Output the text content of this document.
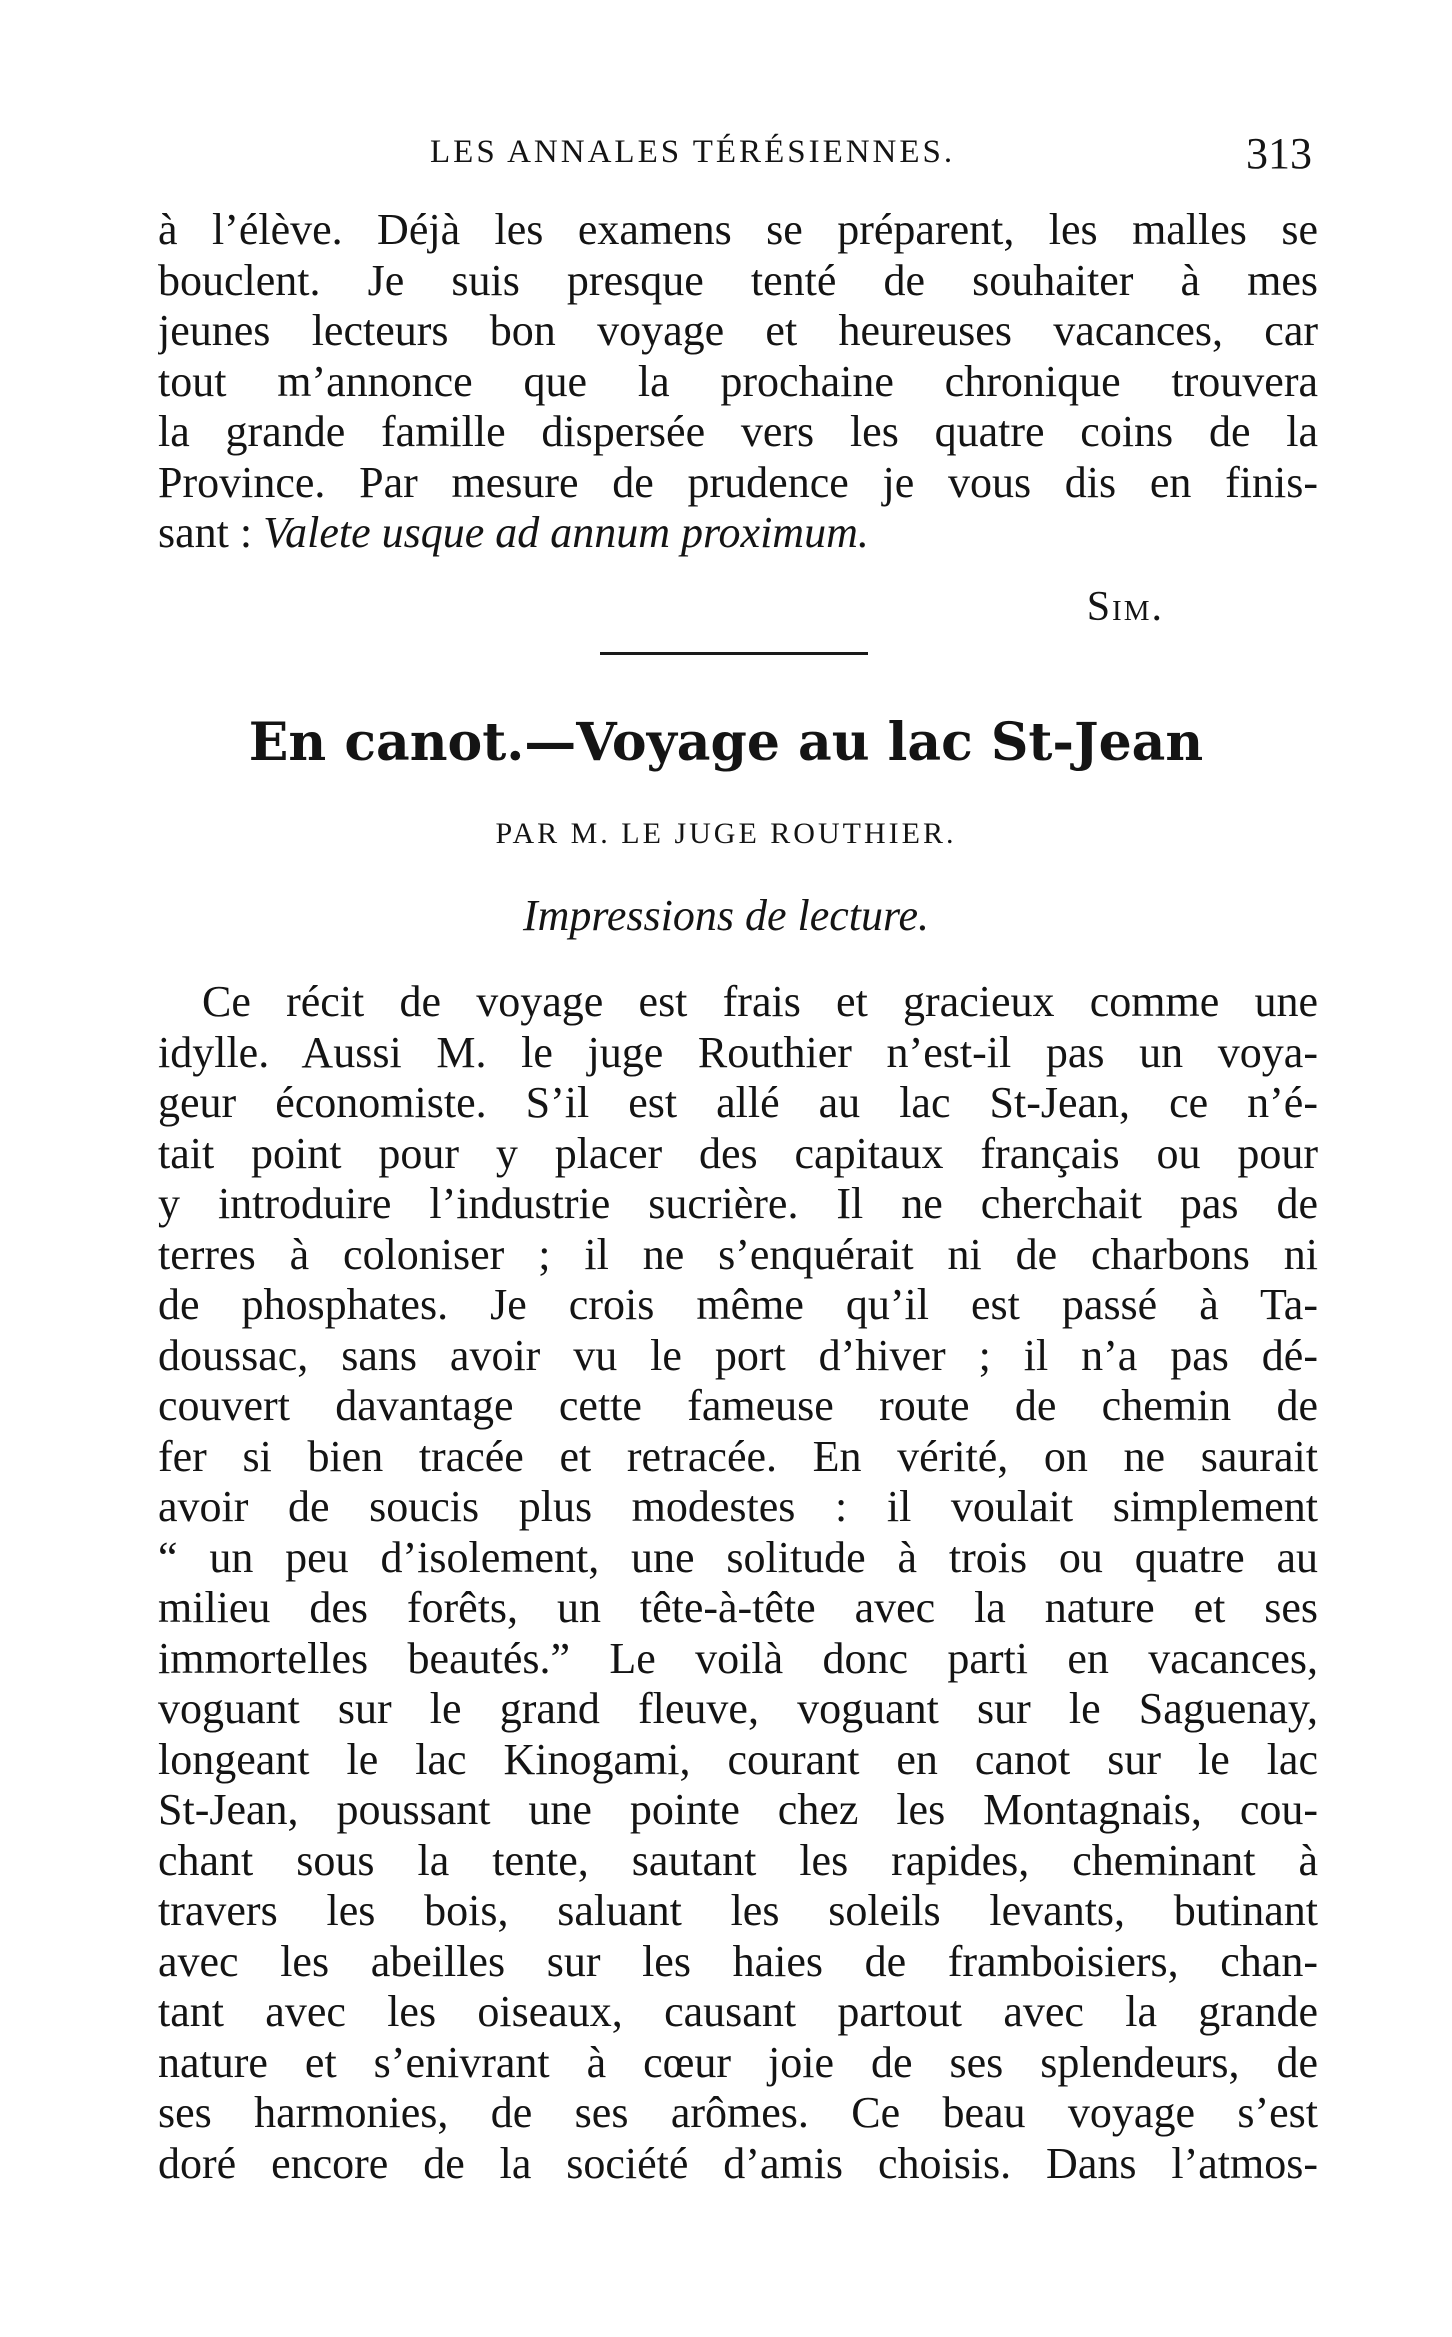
LES ANNALES TÉRÉSIENNES.	313
à l’élève. Déjà les examens se préparent, les malles se
bouclent. Je suis presque tenté de souhaiter à mes
jeunes lecteurs bon voyage et heureuses vacances, car
tout m’annonce que la prochaine chronique trouvera
la grande famille dispersée vers les quatre coins de la
Province. Par mesure de prudence je vous dis en finis-
sant : Valete usque ad annum proximum.
Sim.
En canot.—Voyage au lac St-Jean
PAR M. LE JUGE ROUTHIER.
Impressions de lecture.
Ce récit de voyage est frais et gracieux comme une
idylle. Aussi M. le juge Routhier n’est-il pas un voya-
geur économiste. S’il est allé au lac St-Jean, ce n’é-
tait point pour y placer des capitaux français ou pour
y introduire l’industrie sucrière. Il ne cherchait pas de
terres à coloniser ; il ne s’enquérait ni de charbons ni
de phosphates. Je crois même qu’il est passé à Ta-
doussac, sans avoir vu le port d’hiver ; il n’a pas dé-
couvert davantage cette fameuse route de chemin de
fer si bien tracée et retracée. En vérité, on ne saurait
avoir de soucis plus modestes : il voulait simplement
“ un peu d’isolement, une solitude à trois ou quatre au
milieu des forêts, un tête-à-tête avec la nature et ses
immortelles beautés.” Le voilà donc parti en vacances,
voguant sur le grand fleuve, voguant sur le Saguenay,
longeant le lac Kinogami, courant en canot sur le lac
St-Jean, poussant une pointe chez les Montagnais, cou-
chant sous la tente, sautant les rapides, cheminant à
travers les bois, saluant les soleils levants, butinant
avec les abeilles sur les haies de framboisiers, chan-
tant avec les oiseaux, causant partout avec la grande
nature et s’enivrant à cœur joie de ses splendeurs, de
ses harmonies, de ses arômes. Ce beau voyage s’est
doré encore de la société d’amis choisis. Dans l’atmos-
